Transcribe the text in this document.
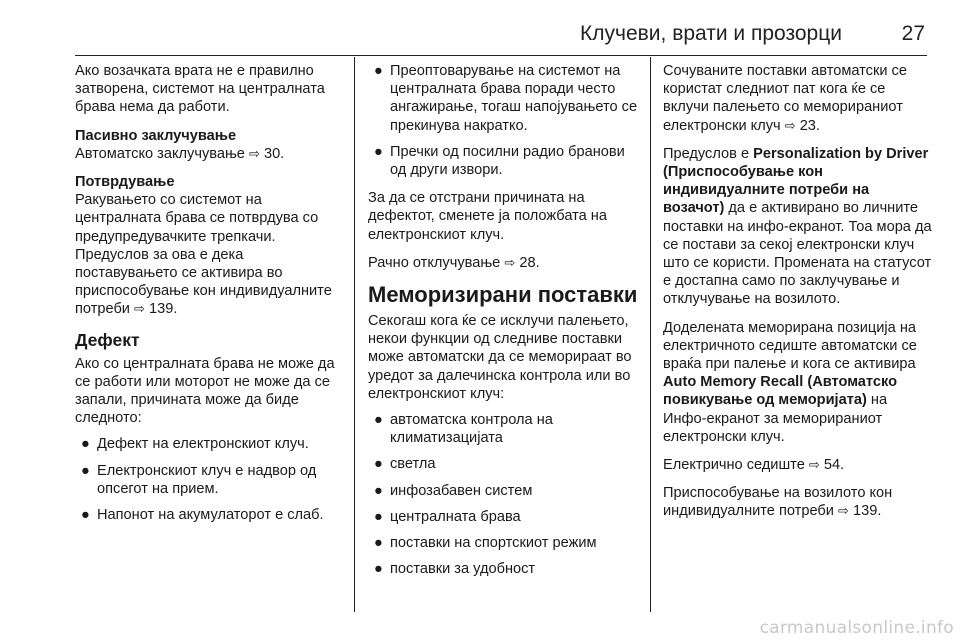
Клучеви, врати и прозорци	27

Ако возачката врата не е правилно затворена, системот на централната брава нема да работи.

Пасивно заклучување

Автоматско заклучување ⇨ 30.

Потврдување

Ракувањето со системот на централната брава се потврдува со предупредувачките трепкачи. Предуслов за ова е дека поставувањето се активира во приспособување кон индивидуалните потреби ⇨ 139.

Дефект

Ако со централната брава не може да се работи или моторот не може да се запали, причината може да биде следното:

● Дефект на електронскиот клуч.
● Електронскиот клуч е надвор од опсегот на прием.
● Напонот на акумулаторот е слаб.
● Преоптоварување на системот на централната брава поради често ангажирање, тогаш напојувањето се прекинува накратко.
● Пречки од посилни радио бранови од други извори.

За да се отстрани причината на дефектот, сменете ја положбата на електронскиот клуч.

Рачно отклучување ⇨ 28.

Меморизирани поставки

Секогаш кога ќе се исклучи палењето, некои функции од следниве поставки може автоматски да се меморираат во уредот за далечинска контрола или во електронскиот клуч:

● автоматска контрола на климатизацијата
● светла
● инфозабавен систем
● централната брава
● поставки на спортскиот режим
● поставки за удобност

Сочуваните поставки автоматски се користат следниот пат кога ќе се вклучи палењето со меморираниот електронски клуч ⇨ 23.

Предуслов е Personalization by Driver (Приспособување кон индивидуалните потреби на возачот) да е активирано во личните поставки на инфо-екранот. Тоа мора да се постави за секој електронски клуч што се користи. Промената на статусот е достапна само по заклучување и отклучување на возилото.

Доделената меморирана позиција на електричното седиште автоматски се враќа при палење и кога се активира Auto Memory Recall (Автоматско повикување од меморијата) на Инфо-екранот за меморираниот електронски клуч.

Електрично седиште ⇨ 54.

Приспособување на возилото кон индивидуалните потреби ⇨ 139.

carmanualsonline.info
